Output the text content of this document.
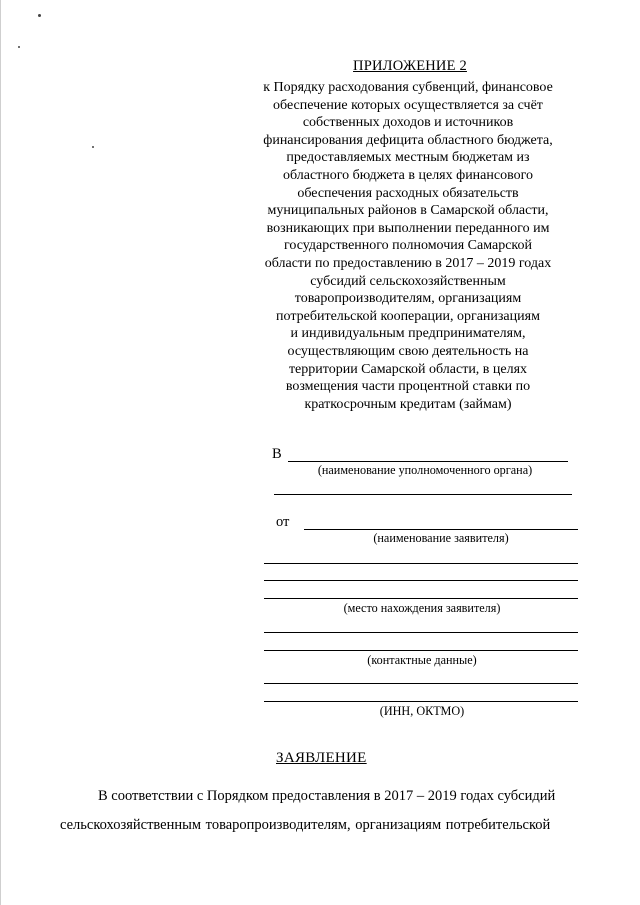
ПРИЛОЖЕНИЕ 2
к Порядку расходования субвенций, финансовое
обеспечение которых осуществляется за счёт
собственных доходов и источников
финансирования дефицита областного бюджета,
предоставляемых местным бюджетам из
областного бюджета в целях финансового
обеспечения расходных обязательств
муниципальных районов в Самарской области,
возникающих при выполнении переданного им
государственного полномочия Самарской
области по предоставлению в 2017 – 2019 годах
субсидий сельскохозяйственным
товаропроизводителям, организациям
потребительской кооперации, организациям
и индивидуальным предпринимателям,
осуществляющим свою деятельность на
территории Самарской области, в целях
возмещения части процентной ставки по
краткосрочным кредитам (займам)
В
(наименование уполномоченного органа)
от
(наименование заявителя)
(место нахождения заявителя)
(контактные данные)
(ИНН, ОКТМО)
ЗАЯВЛЕНИЕ
В соответствии с Порядком предоставления в 2017 – 2019 годах субсидий
сельскохозяйственным товаропроизводителям, организациям потребительской
